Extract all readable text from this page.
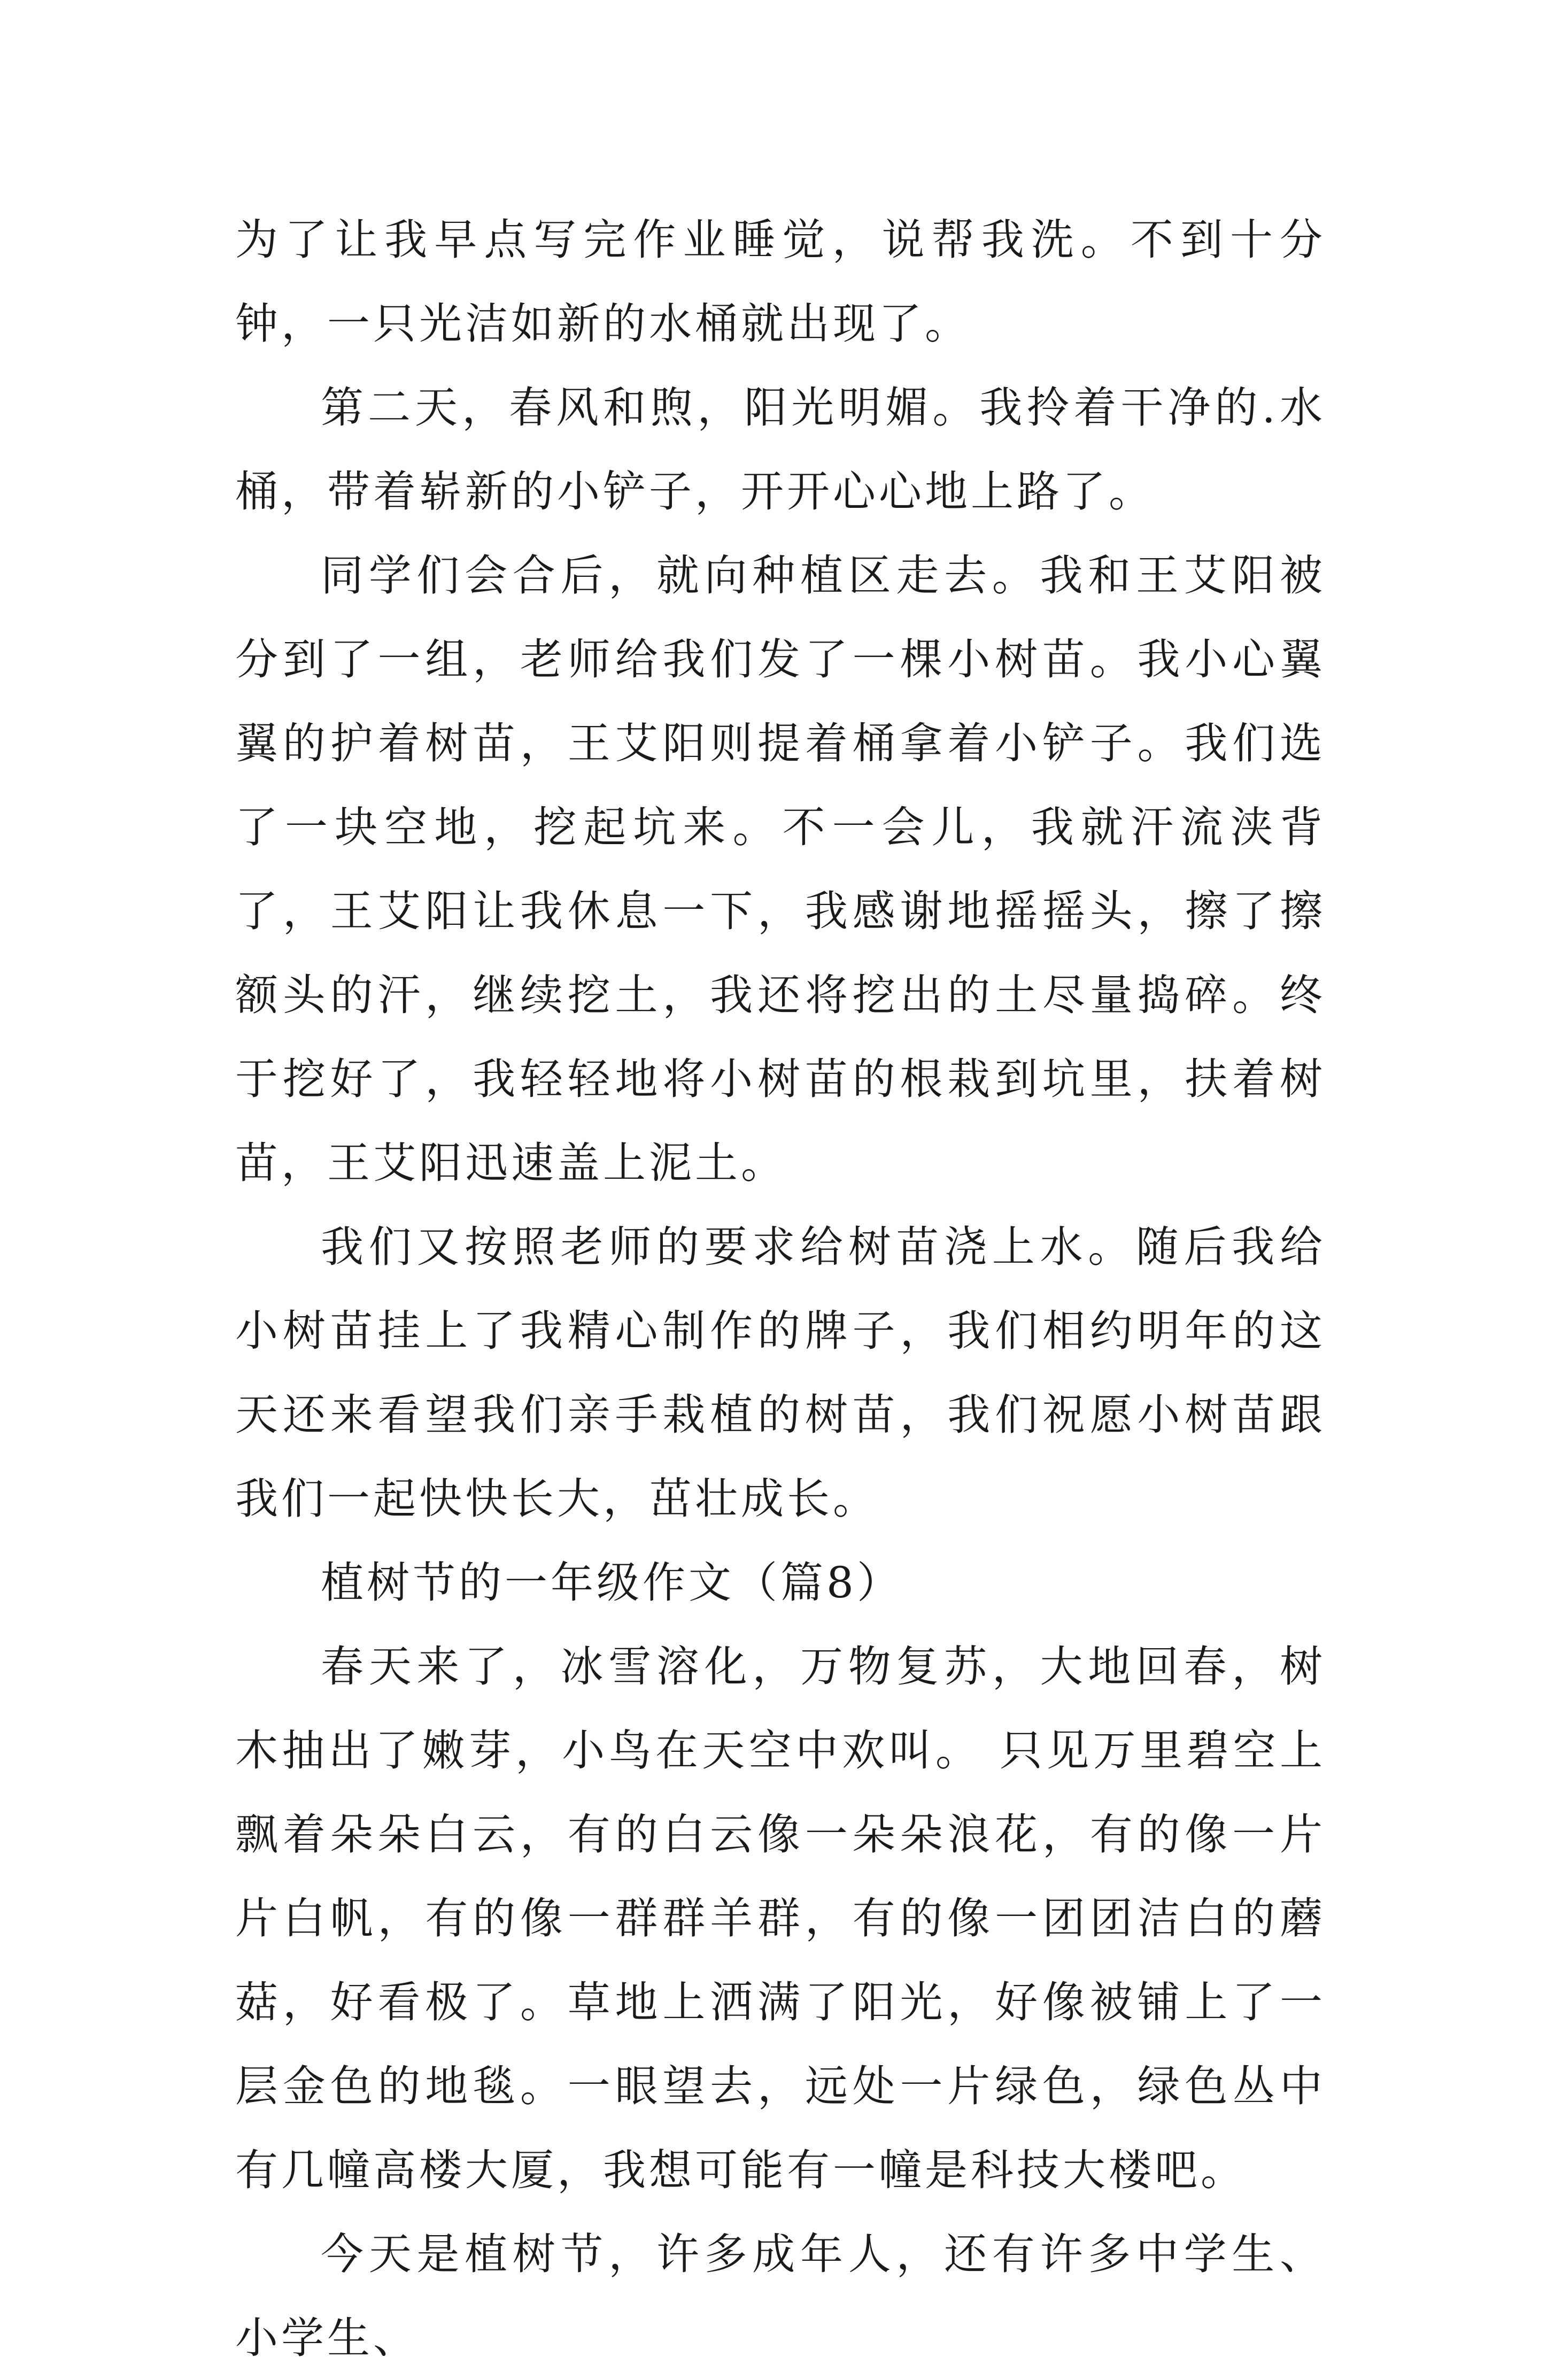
为了让我早点写完作业睡觉，说帮我洗。不到十分钟，一只光洁如新的水桶就出现了。

第二天，春风和煦，阳光明媚。我拎着干净的.水桶，带着崭新的小铲子，开开心心地上路了。

同学们会合后，就向种植区走去。我和王艾阳被分到了一组，老师给我们发了一棵小树苗。我小心翼翼的护着树苗，王艾阳则提着桶拿着小铲子。我们选了一块空地，挖起坑来。不一会儿，我就汗流浃背了，王艾阳让我休息一下，我感谢地摇摇头，擦了擦额头的汗，继续挖土，我还将挖出的土尽量捣碎。终于挖好了，我轻轻地将小树苗的根栽到坑里，扶着树苗，王艾阳迅速盖上泥土。

我们又按照老师的要求给树苗浇上水。随后我给小树苗挂上了我精心制作的牌子，我们相约明年的这天还来看望我们亲手栽植的树苗，我们祝愿小树苗跟我们一起快快长大，茁壮成长。

植树节的一年级作文（篇8）

春天来了，冰雪溶化，万物复苏，大地回春，树木抽出了嫩芽，小鸟在天空中欢叫。 只见万里碧空上飘着朵朵白云，有的白云像一朵朵浪花，有的像一片片白帆，有的像一群群羊群，有的像一团团洁白的蘑菇，好看极了。草地上洒满了阳光，好像被铺上了一层金色的地毯。一眼望去，远处一片绿色，绿色丛中有几幢高楼大厦，我想可能有一幢是科技大楼吧。

今天是植树节，许多成年人，还有许多中学生、小学生、
